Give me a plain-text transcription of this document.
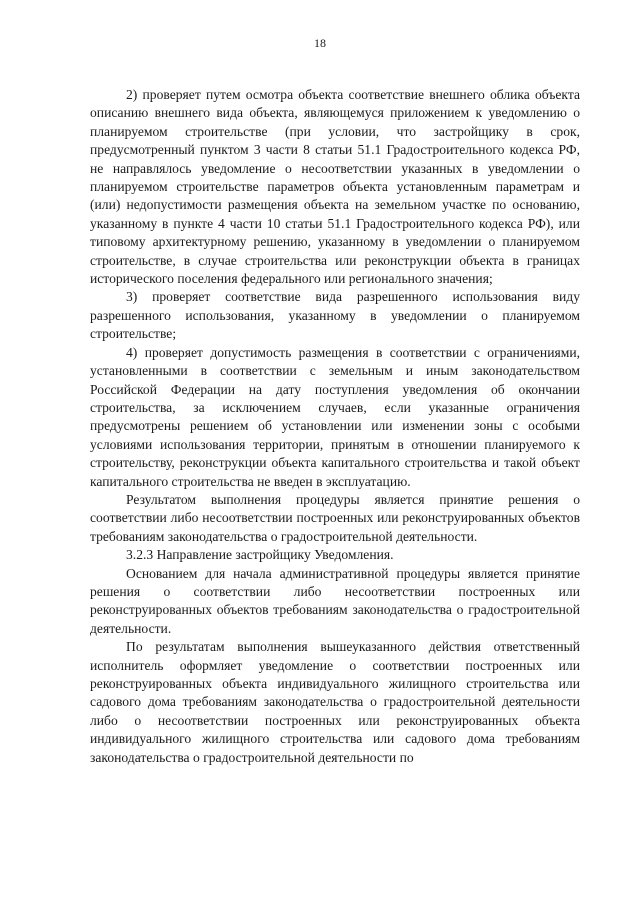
18

2) проверяет путем осмотра объекта соответствие внешнего облика объекта описанию внешнего вида объекта, являющемуся приложением к уведомлению о планируемом строительстве (при условии, что застройщику в срок, предусмотренный пунктом 3 части 8 статьи 51.1 Градостроительного кодекса РФ, не направлялось уведомление о несоответствии указанных в уведомлении о планируемом строительстве параметров объекта установленным параметрам и (или) недопустимости размещения объекта на земельном участке по основанию, указанному в пункте 4 части 10 статьи 51.1 Градостроительного кодекса РФ), или типовому архитектурному решению, указанному в уведомлении о планируемом строительстве, в случае строительства или реконструкции объекта в границах исторического поселения федерального или регионального значения;

3) проверяет соответствие вида разрешенного использования виду разрешенного использования, указанному в уведомлении о планируемом строительстве;

4) проверяет допустимость размещения в соответствии с ограничениями, установленными в соответствии с земельным и иным законодательством Российской Федерации на дату поступления уведомления об окончании строительства, за исключением случаев, если указанные ограничения предусмотрены решением об установлении или изменении зоны с особыми условиями использования территории, принятым в отношении планируемого к строительству, реконструкции объекта капитального строительства и такой объект капитального строительства не введен в эксплуатацию.

Результатом выполнения процедуры является принятие решения о соответствии либо несоответствии построенных или реконструированных объектов требованиям законодательства о градостроительной деятельности.

3.2.3 Направление застройщику Уведомления.

Основанием для начала административной процедуры является принятие решения о соответствии либо несоответствии построенных или реконструированных объектов требованиям законодательства о градостроительной деятельности.

По результатам выполнения вышеуказанного действия ответственный исполнитель оформляет уведомление о соответствии построенных или реконструированных объекта индивидуального жилищного строительства или садового дома требованиям законодательства о градостроительной деятельности либо о несоответствии построенных или реконструированных объекта индивидуального жилищного строительства или садового дома требованиям законодательства о градостроительной деятельности по
